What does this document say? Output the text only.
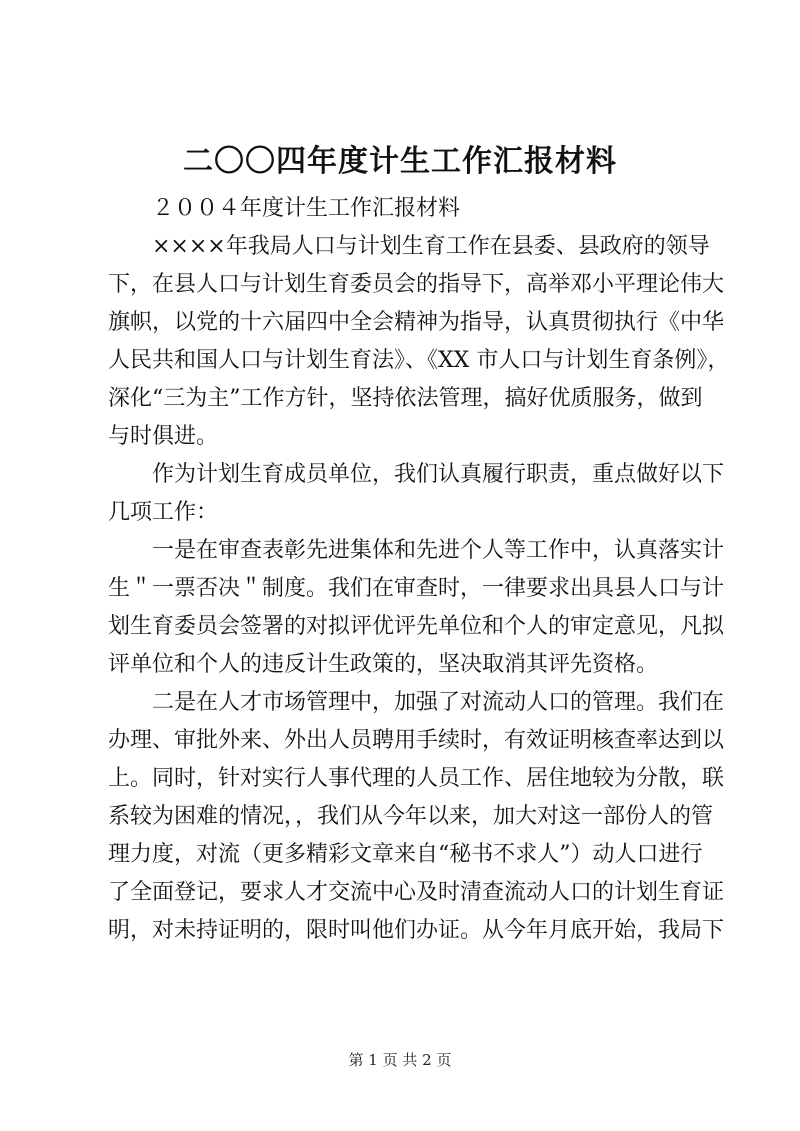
二〇〇四年度计生工作汇报材料
２００４年度计生工作汇报材料
××××年我局人口与计划生育工作在县委、县政府的领导
下，在县人口与计划生育委员会的指导下，高举邓小平理论伟大
旗帜，以党的十六届四中全会精神为指导，认真贯彻执行《中华
人民共和国人口与计划生育法》、《XX 市人口与计划生育条例》，
深化“三为主”工作方针，坚持依法管理，搞好优质服务，做到
与时俱进。
作为计划生育成员单位，我们认真履行职责，重点做好以下
几项工作：
一是在审查表彰先进集体和先进个人等工作中，认真落实计
生＂一票否决＂制度。我们在审查时，一律要求出具县人口与计
划生育委员会签署的对拟评优评先单位和个人的审定意见，凡拟
评单位和个人的违反计生政策的，坚决取消其评先资格。
二是在人才市场管理中，加强了对流动人口的管理。我们在
办理、审批外来、外出人员聘用手续时，有效证明核查率达到以
上。同时，针对实行人事代理的人员工作、居住地较为分散，联
系较为困难的情况，，我们从今年以来，加大对这一部份人的管
理力度，对流（更多精彩文章来自“秘书不求人”）动人口进行
了全面登记，要求人才交流中心及时清查流动人口的计划生育证
明，对未持证明的，限时叫他们办证。从今年月底开始，我局下
第 1 页 共 2 页
